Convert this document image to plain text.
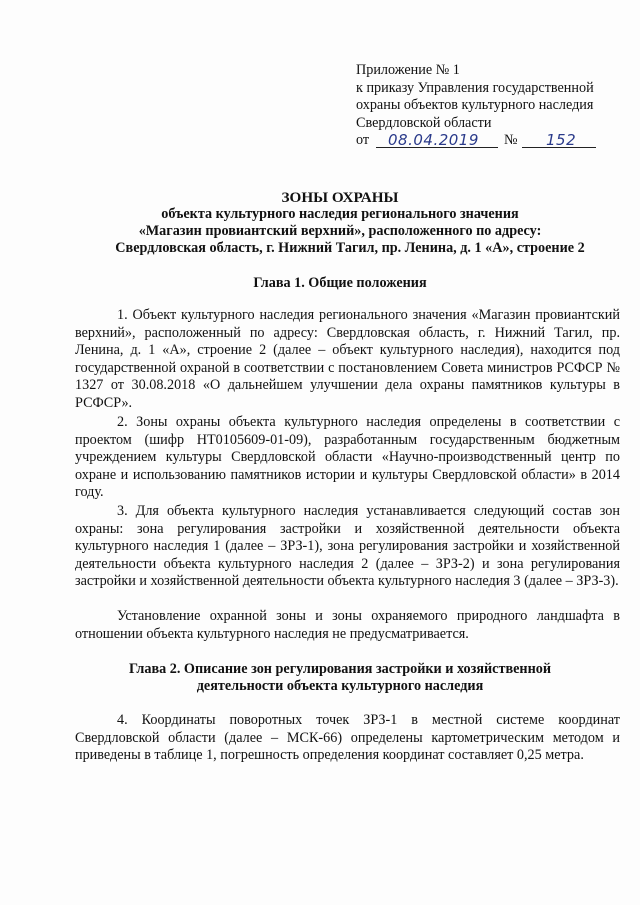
Приложение № 1
к приказу Управления государственной
охраны объектов культурного наследия
Свердловской области
от 08.04.2019 № 152
ЗОНЫ ОХРАНЫ
объекта культурного наследия регионального значения
«Магазин провиантский верхний», расположенного по адресу:
Свердловская область, г. Нижний Тагил, пр. Ленина, д. 1 «А», строение 2
Глава 1. Общие положения
1. Объект культурного наследия регионального значения «Магазин провиантский верхний», расположенный по адресу: Свердловская область, г. Нижний Тагил, пр. Ленина, д. 1 «А», строение 2 (далее – объект культурного наследия), находится под государственной охраной в соответствии с постановлением Совета министров РСФСР № 1327 от 30.08.2018 «О дальнейшем улучшении дела охраны памятников культуры в РСФСР».
2. Зоны охраны объекта культурного наследия определены в соответствии с проектом (шифр НТ0105609-01-09), разработанным государственным бюджетным учреждением культуры Свердловской области «Научно-производственный центр по охране и использованию памятников истории и культуры Свердловской области» в 2014 году.
3. Для объекта культурного наследия устанавливается следующий состав зон охраны: зона регулирования застройки и хозяйственной деятельности объекта культурного наследия 1 (далее – ЗРЗ-1), зона регулирования застройки и хозяйственной деятельности объекта культурного наследия 2 (далее – ЗРЗ-2) и зона регулирования застройки и хозяйственной деятельности объекта культурного наследия 3 (далее – ЗРЗ-3).
Установление охранной зоны и зоны охраняемого природного ландшафта в отношении объекта культурного наследия не предусматривается.
Глава 2. Описание зон регулирования застройки и хозяйственной
деятельности объекта культурного наследия
4. Координаты поворотных точек ЗРЗ-1 в местной системе координат Свердловской области (далее – МСК-66) определены картометрическим методом и приведены в таблице 1, погрешность определения координат составляет 0,25 метра.
